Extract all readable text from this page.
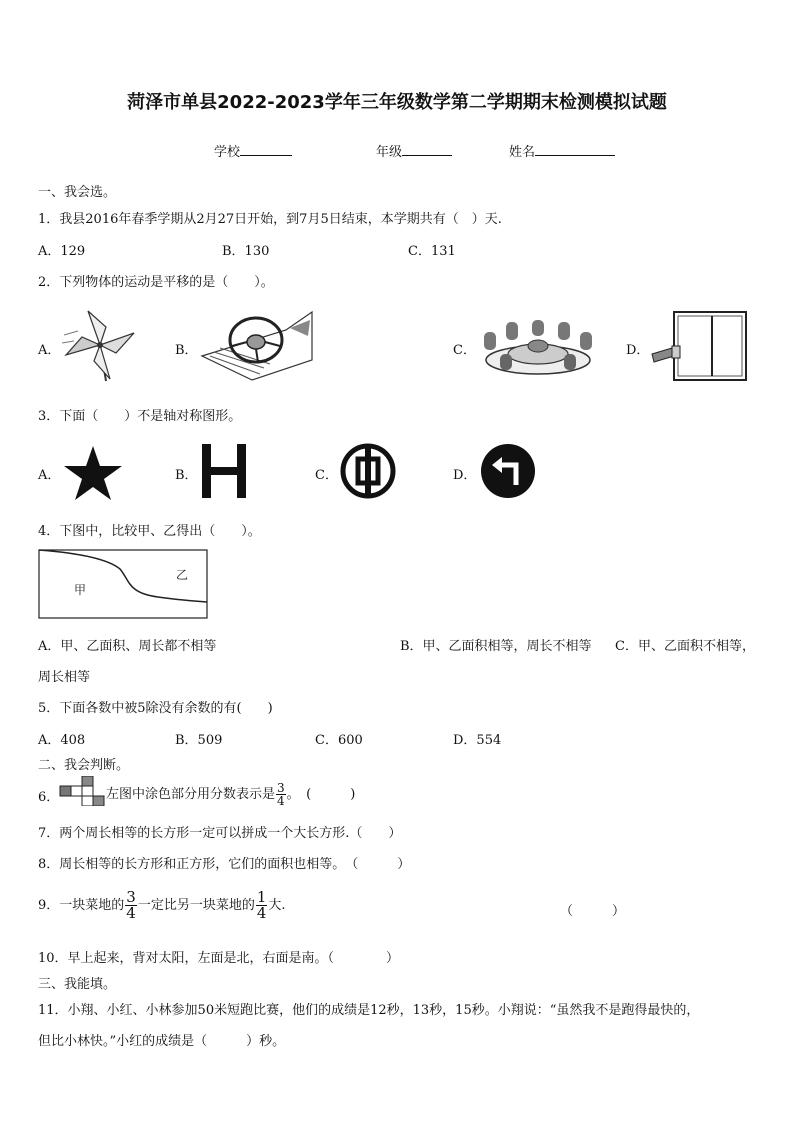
菏泽市单县2022-2023学年三年级数学第二学期期末检测模拟试题
学校	年级	姓名
一、我会选。
1．我县2016年春季学期从2月27日开始，到7月5日结束，本学期共有（　）天.
A．129	B．130	C．131
2．下列物体的运动是平移的是（　　）。
A．	B．	C．	D．
3．下面（　　）不是轴对称图形。
A．	B．	C．	D．
4．下图中，比较甲、乙得出（　　）。
甲
乙
A．甲、乙面积、周长都不相等	B．甲、乙面积相等，周长不相等 C．甲、乙面积不相等，
周长相等
5．下面各数中被5除没有余数的有(　　)
A．408	B．509	C．600	D．554
二、我会判断。
6．	左图中涂色部分用分数表示是 $\frac{3}{4}$ 。　(　　　)
7．两个周长相等的长方形一定可以拼成一个大长方形.（　　）
8．周长相等的长方形和正方形，它们的面积也相等。　（　　　）
9．一块菜地的 $\frac{3}{4}$ 一定比另一块菜地的 $\frac{1}{4}$ 大.	（　　　）
10．早上起来，背对太阳，左面是北，右面是南。（　　　　）
三、我能填。
11．小翔、小红、小林参加50米短跑比赛，他们的成绩是12秒，13秒，15秒。小翔说：“虽然我不是跑得最快的，
但比小林快。”小红的成绩是（　　　）秒。
